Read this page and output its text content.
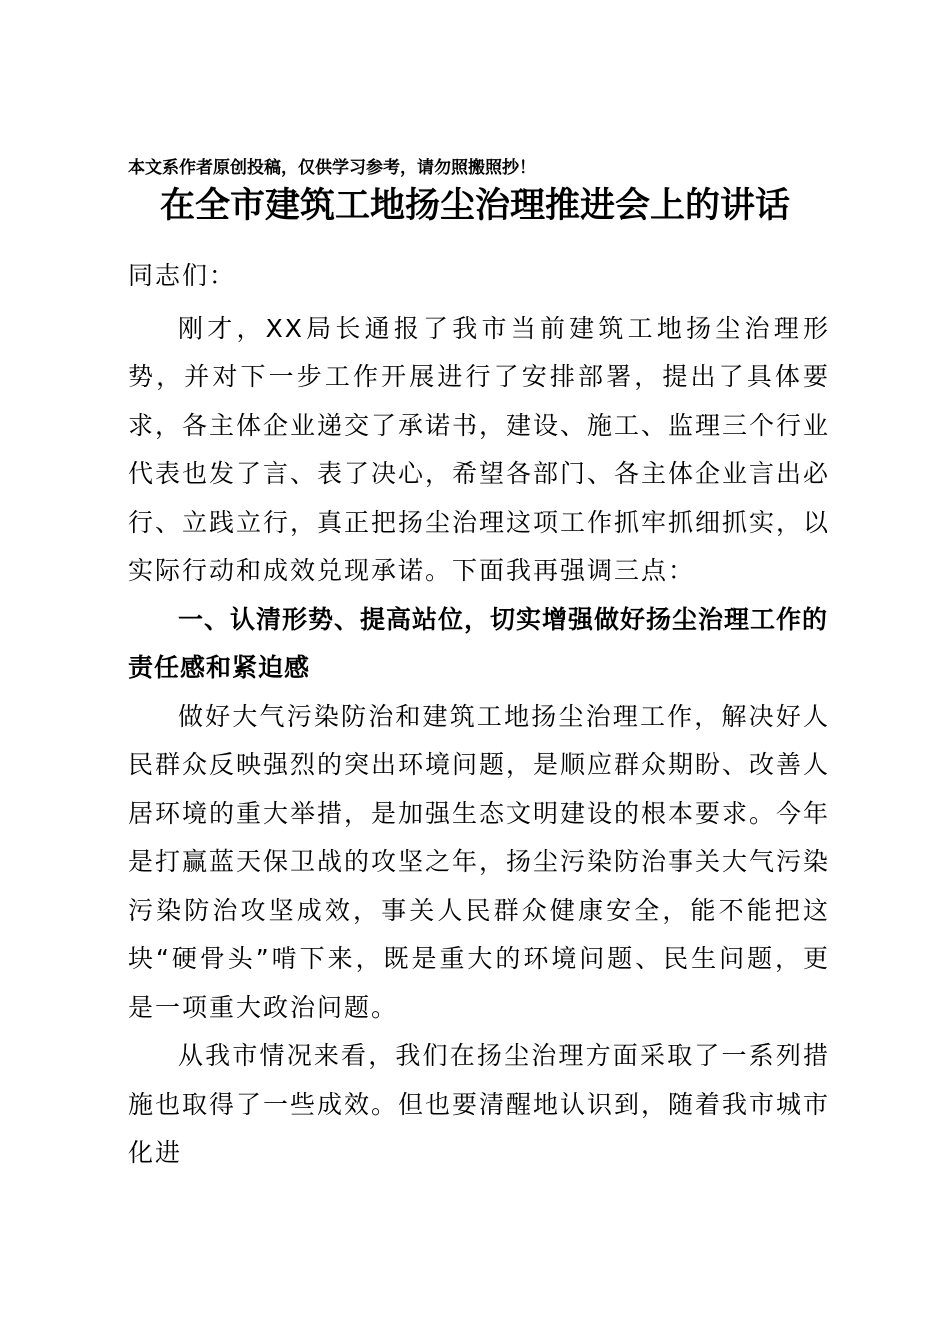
本文系作者原创投稿，仅供学习参考，请勿照搬照抄！
在全市建筑工地扬尘治理推进会上的讲话

同志们：

刚才，XX局长通报了我市当前建筑工地扬尘治理形势，并对下一步工作开展进行了安排部署，提出了具体要求，各主体企业递交了承诺书，建设、施工、监理三个行业代表也发了言、表了决心，希望各部门、各主体企业言出必行、立践立行，真正把扬尘治理这项工作抓牢抓细抓实，以实际行动和成效兑现承诺。下面我再强调三点：

一、认清形势、提高站位，切实增强做好扬尘治理工作的责任感和紧迫感

做好大气污染防治和建筑工地扬尘治理工作，解决好人民群众反映强烈的突出环境问题，是顺应群众期盼、改善人居环境的重大举措，是加强生态文明建设的根本要求。今年是打赢蓝天保卫战的攻坚之年，扬尘污染防治事关大气污染污染防治攻坚成效，事关人民群众健康安全，能不能把这块“硬骨头”啃下来，既是重大的环境问题、民生问题，更是一项重大政治问题。

从我市情况来看，我们在扬尘治理方面采取了一系列措施也取得了一些成效。但也要清醒地认识到，随着我市城市化进
